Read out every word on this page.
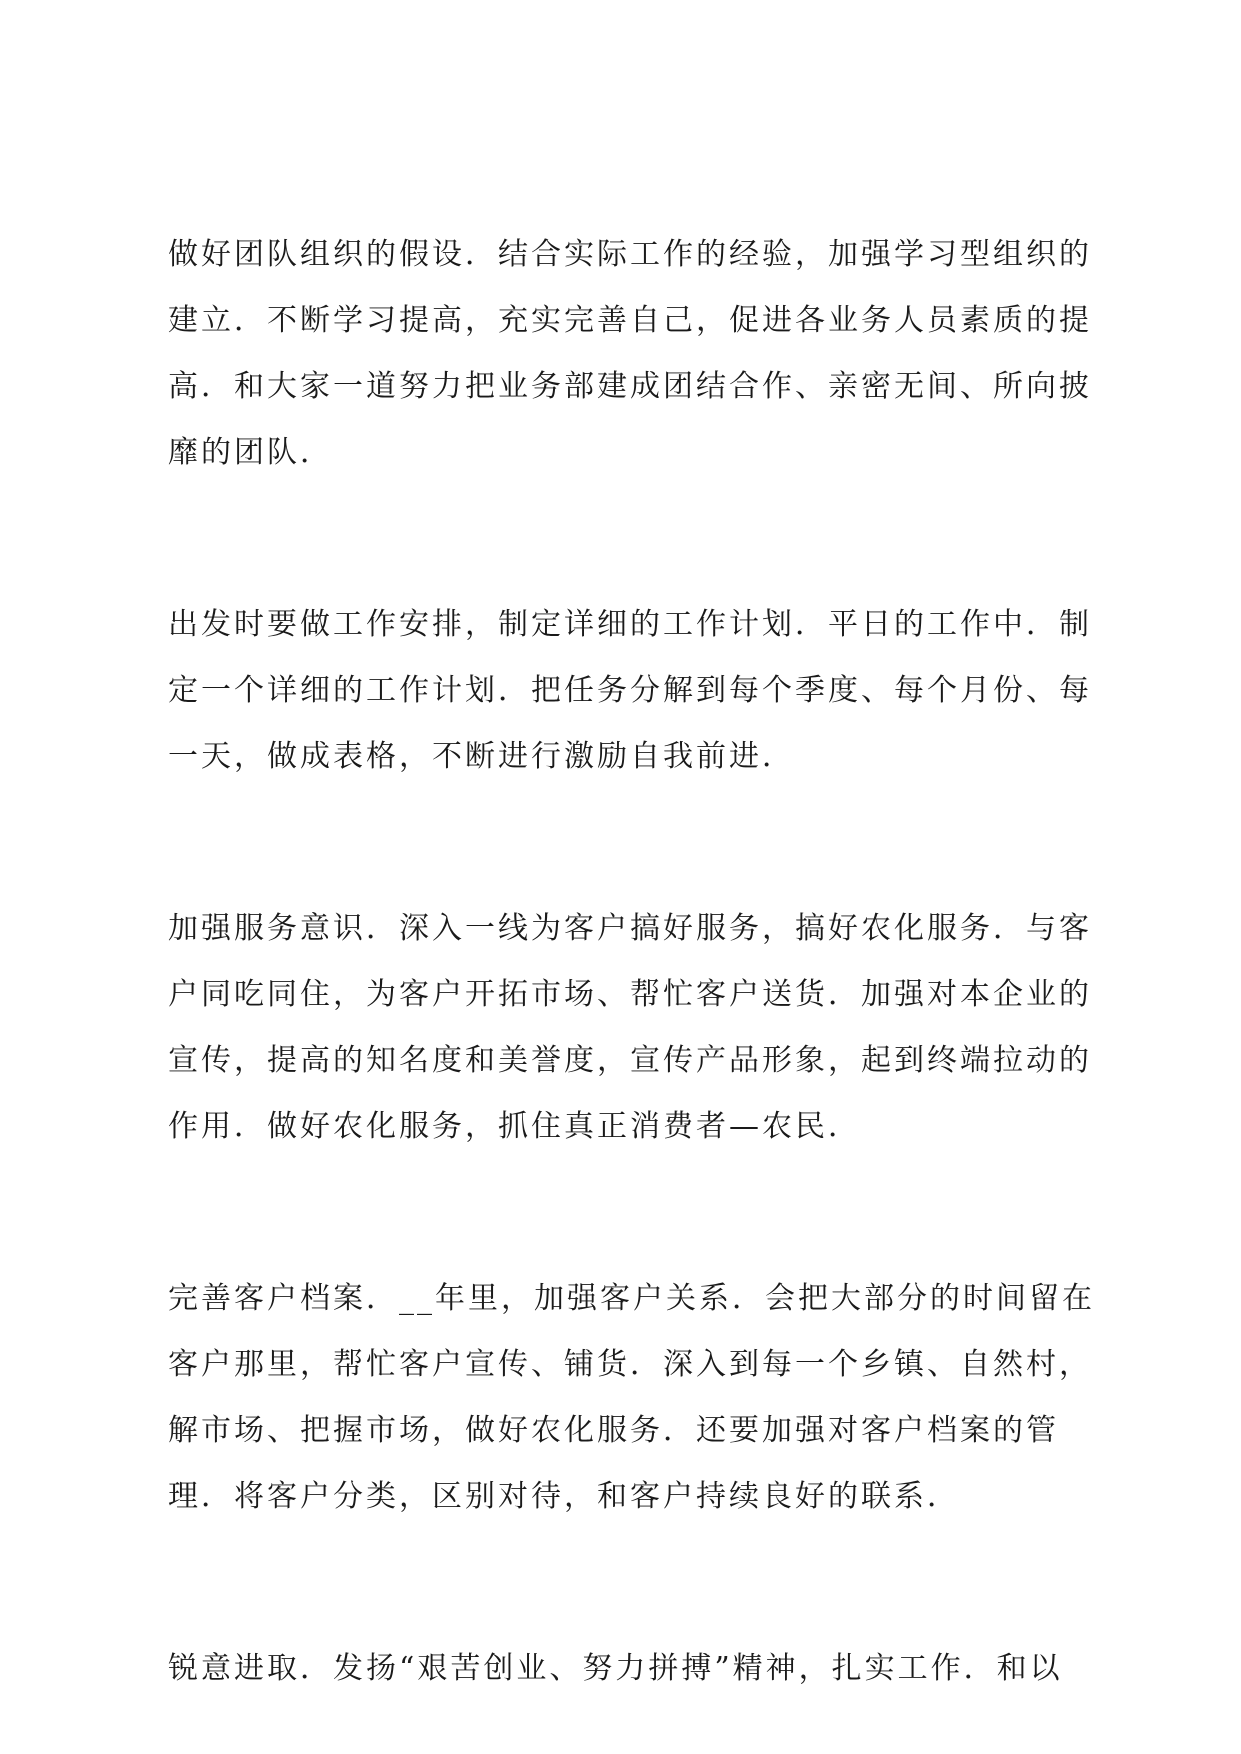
做好团队组织的假设．结合实际工作的经验，加强学习型组织的
建立．不断学习提高，充实完善自己，促进各业务人员素质的提
高．和大家一道努力把业务部建成团结合作、亲密无间、所向披
靡的团队．

出发时要做工作安排，制定详细的工作计划．平日的工作中．制
定一个详细的工作计划．把任务分解到每个季度、每个月份、每
一天，做成表格，不断进行激励自我前进．

加强服务意识．深入一线为客户搞好服务，搞好农化服务．与客
户同吃同住，为客户开拓市场、帮忙客户送货．加强对本企业的
宣传，提高的知名度和美誉度，宣传产品形象，起到终端拉动的
作用．做好农化服务，抓住真正消费者—农民．

完善客户档案．__年里，加强客户关系．会把大部分的时间留在
客户那里，帮忙客户宣传、铺货．深入到每一个乡镇、自然村，
解市场、把握市场，做好农化服务．还要加强对客户档案的管
理．将客户分类，区别对待，和客户持续良好的联系．

锐意进取．发扬“艰苦创业、努力拼搏”精神，扎实工作．和以
